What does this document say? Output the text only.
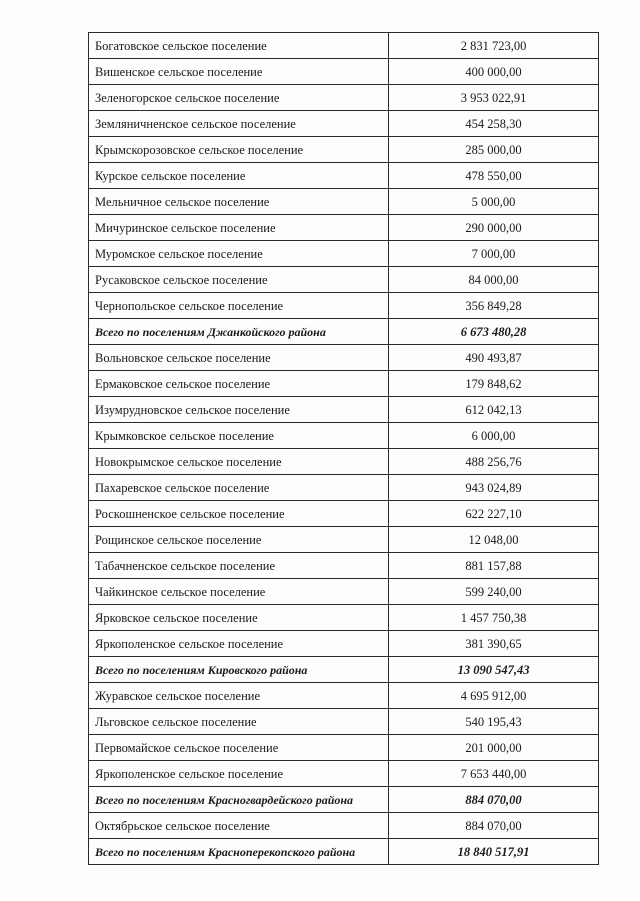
Богатовское сельское поселение	2 831 723,00
Вишенское сельское поселение	400 000,00
Зеленогорское сельское поселение	3 953 022,91
Земляничненское сельское поселение	454 258,30
Крымскорозовское сельское поселение	285 000,00
Курское сельское поселение	478 550,00
Мельничное сельское поселение	5 000,00
Мичуринское сельское поселение	290 000,00
Муромское сельское поселение	7 000,00
Русаковское сельское поселение	84 000,00
Чернопольское сельское поселение	356 849,28
Всего по поселениям Джанкойского района	6 673 480,28
Вольновское сельское поселение	490 493,87
Ермаковское сельское поселение	179 848,62
Изумрудновское сельское поселение	612 042,13
Крымковское сельское поселение	6 000,00
Новокрымское сельское поселение	488 256,76
Пахаревское сельское поселение	943 024,89
Роскошненское сельское поселение	622 227,10
Рощинское сельское поселение	12 048,00
Табачненское сельское поселение	881 157,88
Чайкинское сельское поселение	599 240,00
Ярковское сельское поселение	1 457 750,38
Яркополенское сельское поселение	381 390,65
Всего по поселениям Кировского района	13 090 547,43
Журавское сельское поселение	4 695 912,00
Льговское сельское поселение	540 195,43
Первомайское сельское поселение	201 000,00
Яркополенское сельское поселение	7 653 440,00
Всего по поселениям Красногвардейского района	884 070,00
Октябрьское сельское поселение	884 070,00
Всего по поселениям Красноперекопского района	18 840 517,91
